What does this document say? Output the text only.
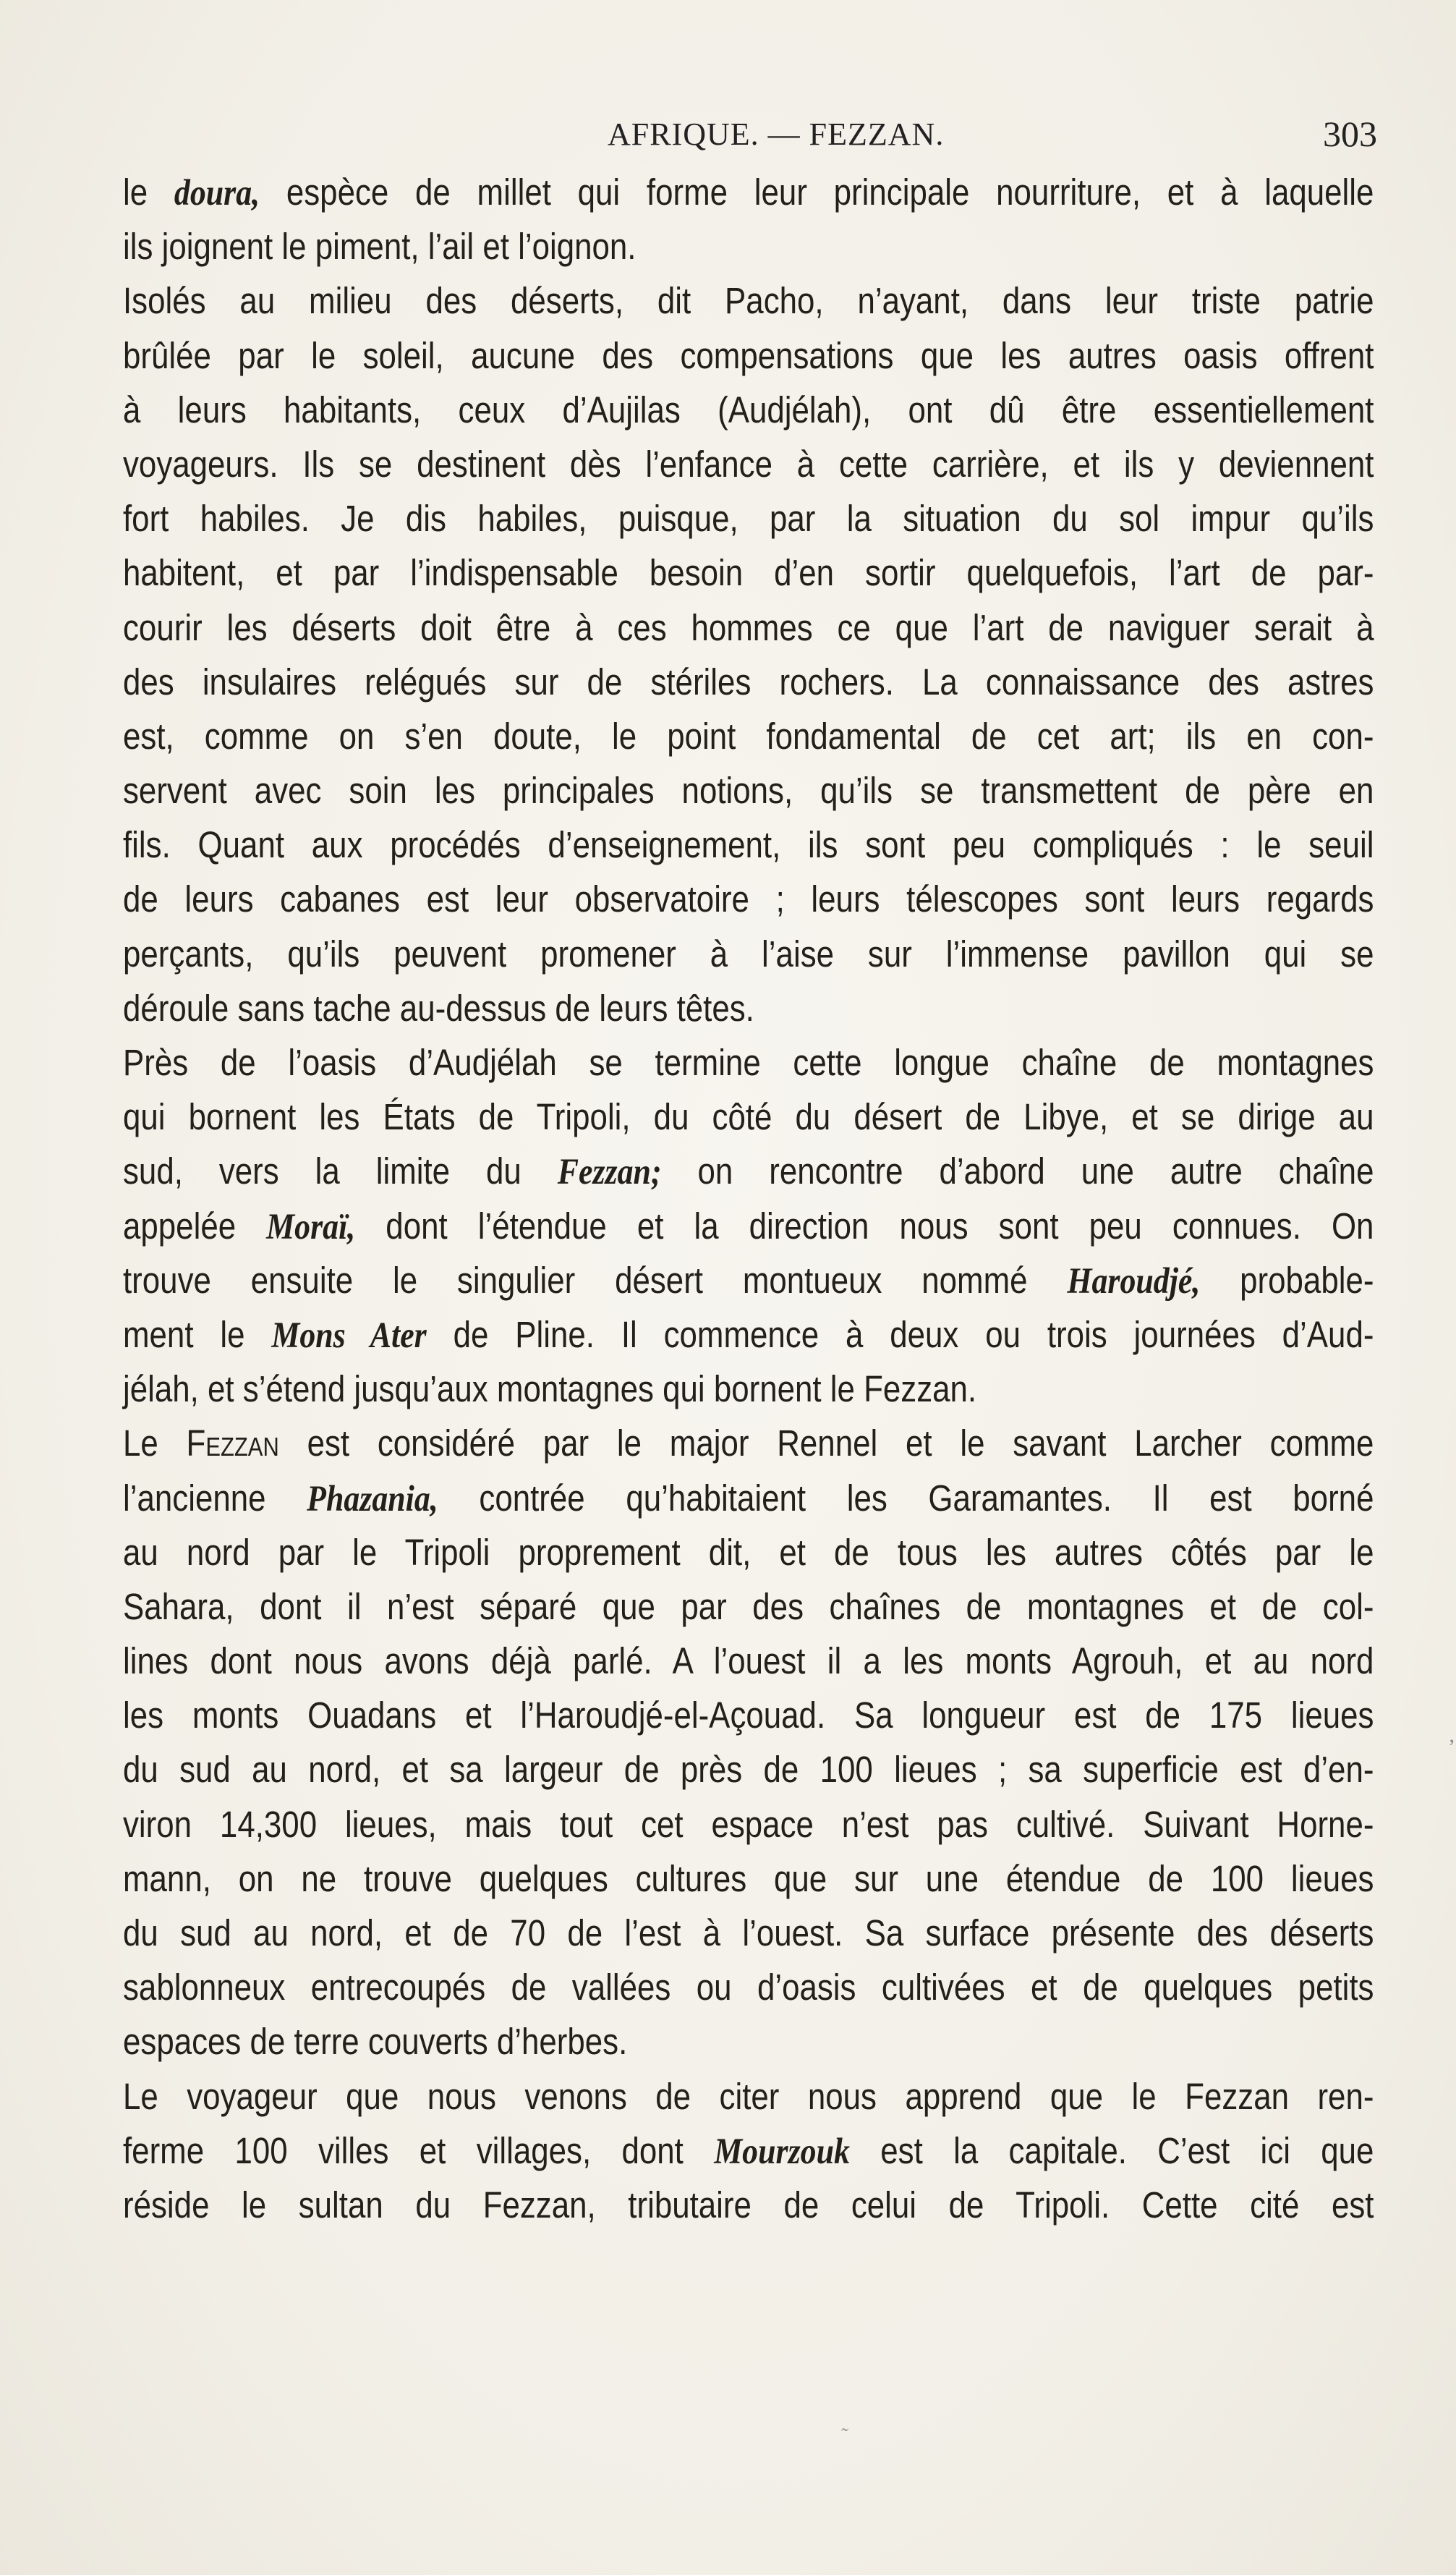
AFRIQUE. — FEZZAN.	303
le doura, espèce de millet qui forme leur principale nourriture, et à laquelle
ils joignent le piment, l’ail et l’oignon.
Isolés au milieu des déserts, dit Pacho, n’ayant, dans leur triste patrie
brûlée par le soleil, aucune des compensations que les autres oasis offrent
à leurs habitants, ceux d’Aujilas (Audjélah), ont dû être essentiellement
voyageurs. Ils se destinent dès l’enfance à cette carrière, et ils y deviennent
fort habiles. Je dis habiles, puisque, par la situation du sol impur qu’ils
habitent, et par l’indispensable besoin d’en sortir quelquefois, l’art de par-
courir les déserts doit être à ces hommes ce que l’art de naviguer serait à
des insulaires relégués sur de stériles rochers. La connaissance des astres
est, comme on s’en doute, le point fondamental de cet art; ils en con-
servent avec soin les principales notions, qu’ils se transmettent de père en
fils. Quant aux procédés d’enseignement, ils sont peu compliqués : le seuil
de leurs cabanes est leur observatoire ; leurs télescopes sont leurs regards
perçants, qu’ils peuvent promener à l’aise sur l’immense pavillon qui se
déroule sans tache au-dessus de leurs têtes.
Près de l’oasis d’Audjélah se termine cette longue chaîne de montagnes
qui bornent les États de Tripoli, du côté du désert de Libye, et se dirige au
sud, vers la limite du Fezzan; on rencontre d’abord une autre chaîne
appelée Moraï, dont l’étendue et la direction nous sont peu connues. On
trouve ensuite le singulier désert montueux nommé Haroudjé, probable-
ment le Mons Ater de Pline. Il commence à deux ou trois journées d’Aud-
jélah, et s’étend jusqu’aux montagnes qui bornent le Fezzan.
Le Fezzan est considéré par le major Rennel et le savant Larcher comme
l’ancienne Phazania, contrée qu’habitaient les Garamantes. Il est borné
au nord par le Tripoli proprement dit, et de tous les autres côtés par le
Sahara, dont il n’est séparé que par des chaînes de montagnes et de col-
lines dont nous avons déjà parlé. A l’ouest il a les monts Agrouh, et au nord
les monts Ouadans et l’Haroudjé-el-Açouad. Sa longueur est de 175 lieues
du sud au nord, et sa largeur de près de 100 lieues ; sa superficie est d’en-
viron 14,300 lieues, mais tout cet espace n’est pas cultivé. Suivant Horne-
mann, on ne trouve quelques cultures que sur une étendue de 100 lieues
du sud au nord, et de 70 de l’est à l’ouest. Sa surface présente des déserts
sablonneux entrecoupés de vallées ou d’oasis cultivées et de quelques petits
espaces de terre couverts d’herbes.
Le voyageur que nous venons de citer nous apprend que le Fezzan ren-
ferme 100 villes et villages, dont Mourzouk est la capitale. C’est ici que
réside le sultan du Fezzan, tributaire de celui de Tripoli. Cette cité est
’
˜
